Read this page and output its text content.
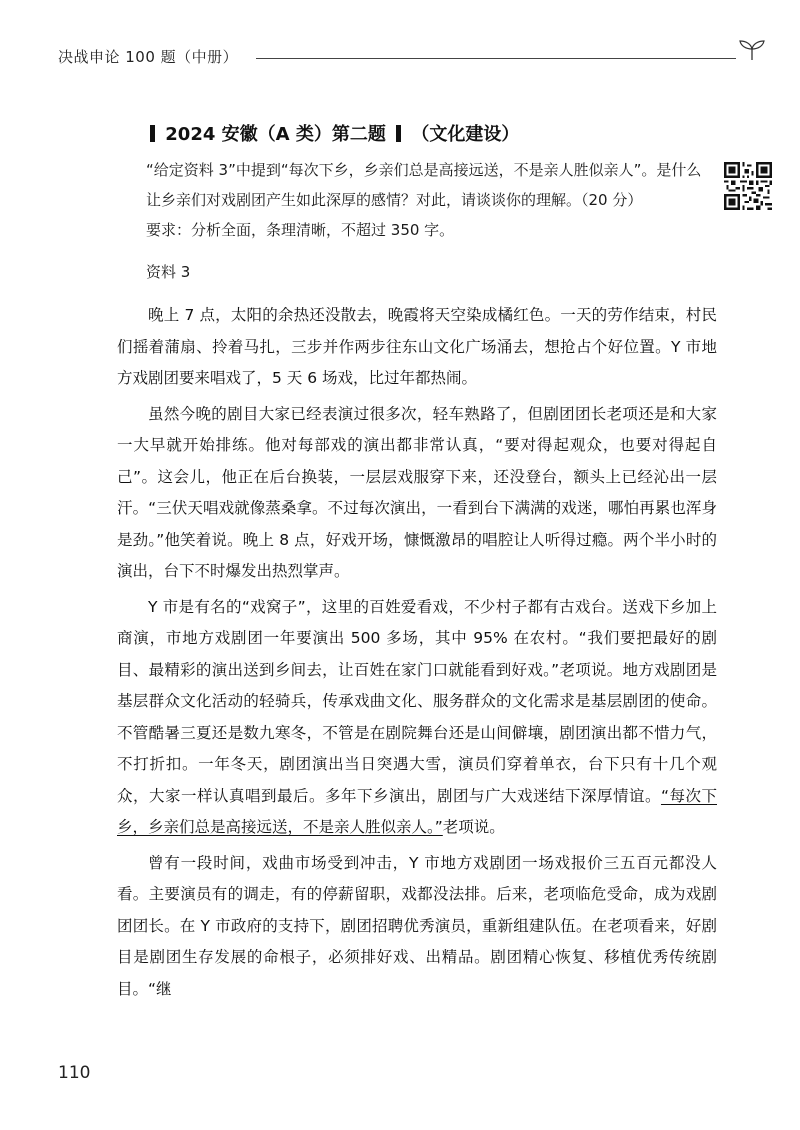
决战申论 100 题（中册）
2024 安徽（A 类）第二题 （文化建设）

“给定资料 3”中提到“每次下乡，乡亲们总是高接远送，不是亲人胜似亲人”。是什么让乡亲们对戏剧团产生如此深厚的感情？对此，请谈谈你的理解。（20 分）

要求：分析全面，条理清晰，不超过 350 字。

资料 3

晚上 7 点，太阳的余热还没散去，晚霞将天空染成橘红色。一天的劳作结束，村民们摇着蒲扇、拎着马扎，三步并作两步往东山文化广场涌去，想抢占个好位置。Y 市地方戏剧团要来唱戏了，5 天 6 场戏，比过年都热闹。

虽然今晚的剧目大家已经表演过很多次，轻车熟路了，但剧团团长老项还是和大家一大早就开始排练。他对每部戏的演出都非常认真，“要对得起观众，也要对得起自己”。这会儿，他正在后台换装，一层层戏服穿下来，还没登台，额头上已经沁出一层汗。“三伏天唱戏就像蒸桑拿。不过每次演出，一看到台下满满的戏迷，哪怕再累也浑身是劲。”他笑着说。晚上 8 点，好戏开场，慷慨激昂的唱腔让人听得过瘾。两个半小时的演出，台下不时爆发出热烈掌声。

Y 市是有名的“戏窝子”，这里的百姓爱看戏，不少村子都有古戏台。送戏下乡加上商演，市地方戏剧团一年要演出 500 多场，其中 95% 在农村。“我们要把最好的剧目、最精彩的演出送到乡间去，让百姓在家门口就能看到好戏。”老项说。地方戏剧团是基层群众文化活动的轻骑兵，传承戏曲文化、服务群众的文化需求是基层剧团的使命。不管酷暑三夏还是数九寒冬，不管是在剧院舞台还是山间僻壤，剧团演出都不惜力气，不打折扣。一年冬天，剧团演出当日突遇大雪，演员们穿着单衣，台下只有十几个观众，大家一样认真唱到最后。多年下乡演出，剧团与广大戏迷结下深厚情谊。“每次下乡，乡亲们总是高接远送，不是亲人胜似亲人。”老项说。

曾有一段时间，戏曲市场受到冲击，Y 市地方戏剧团一场戏报价三五百元都没人看。主要演员有的调走，有的停薪留职，戏都没法排。后来，老项临危受命，成为戏剧团团长。在 Y 市政府的支持下，剧团招聘优秀演员，重新组建队伍。在老项看来，好剧目是剧团生存发展的命根子，必须排好戏、出精品。剧团精心恢复、移植优秀传统剧目。“继

110
